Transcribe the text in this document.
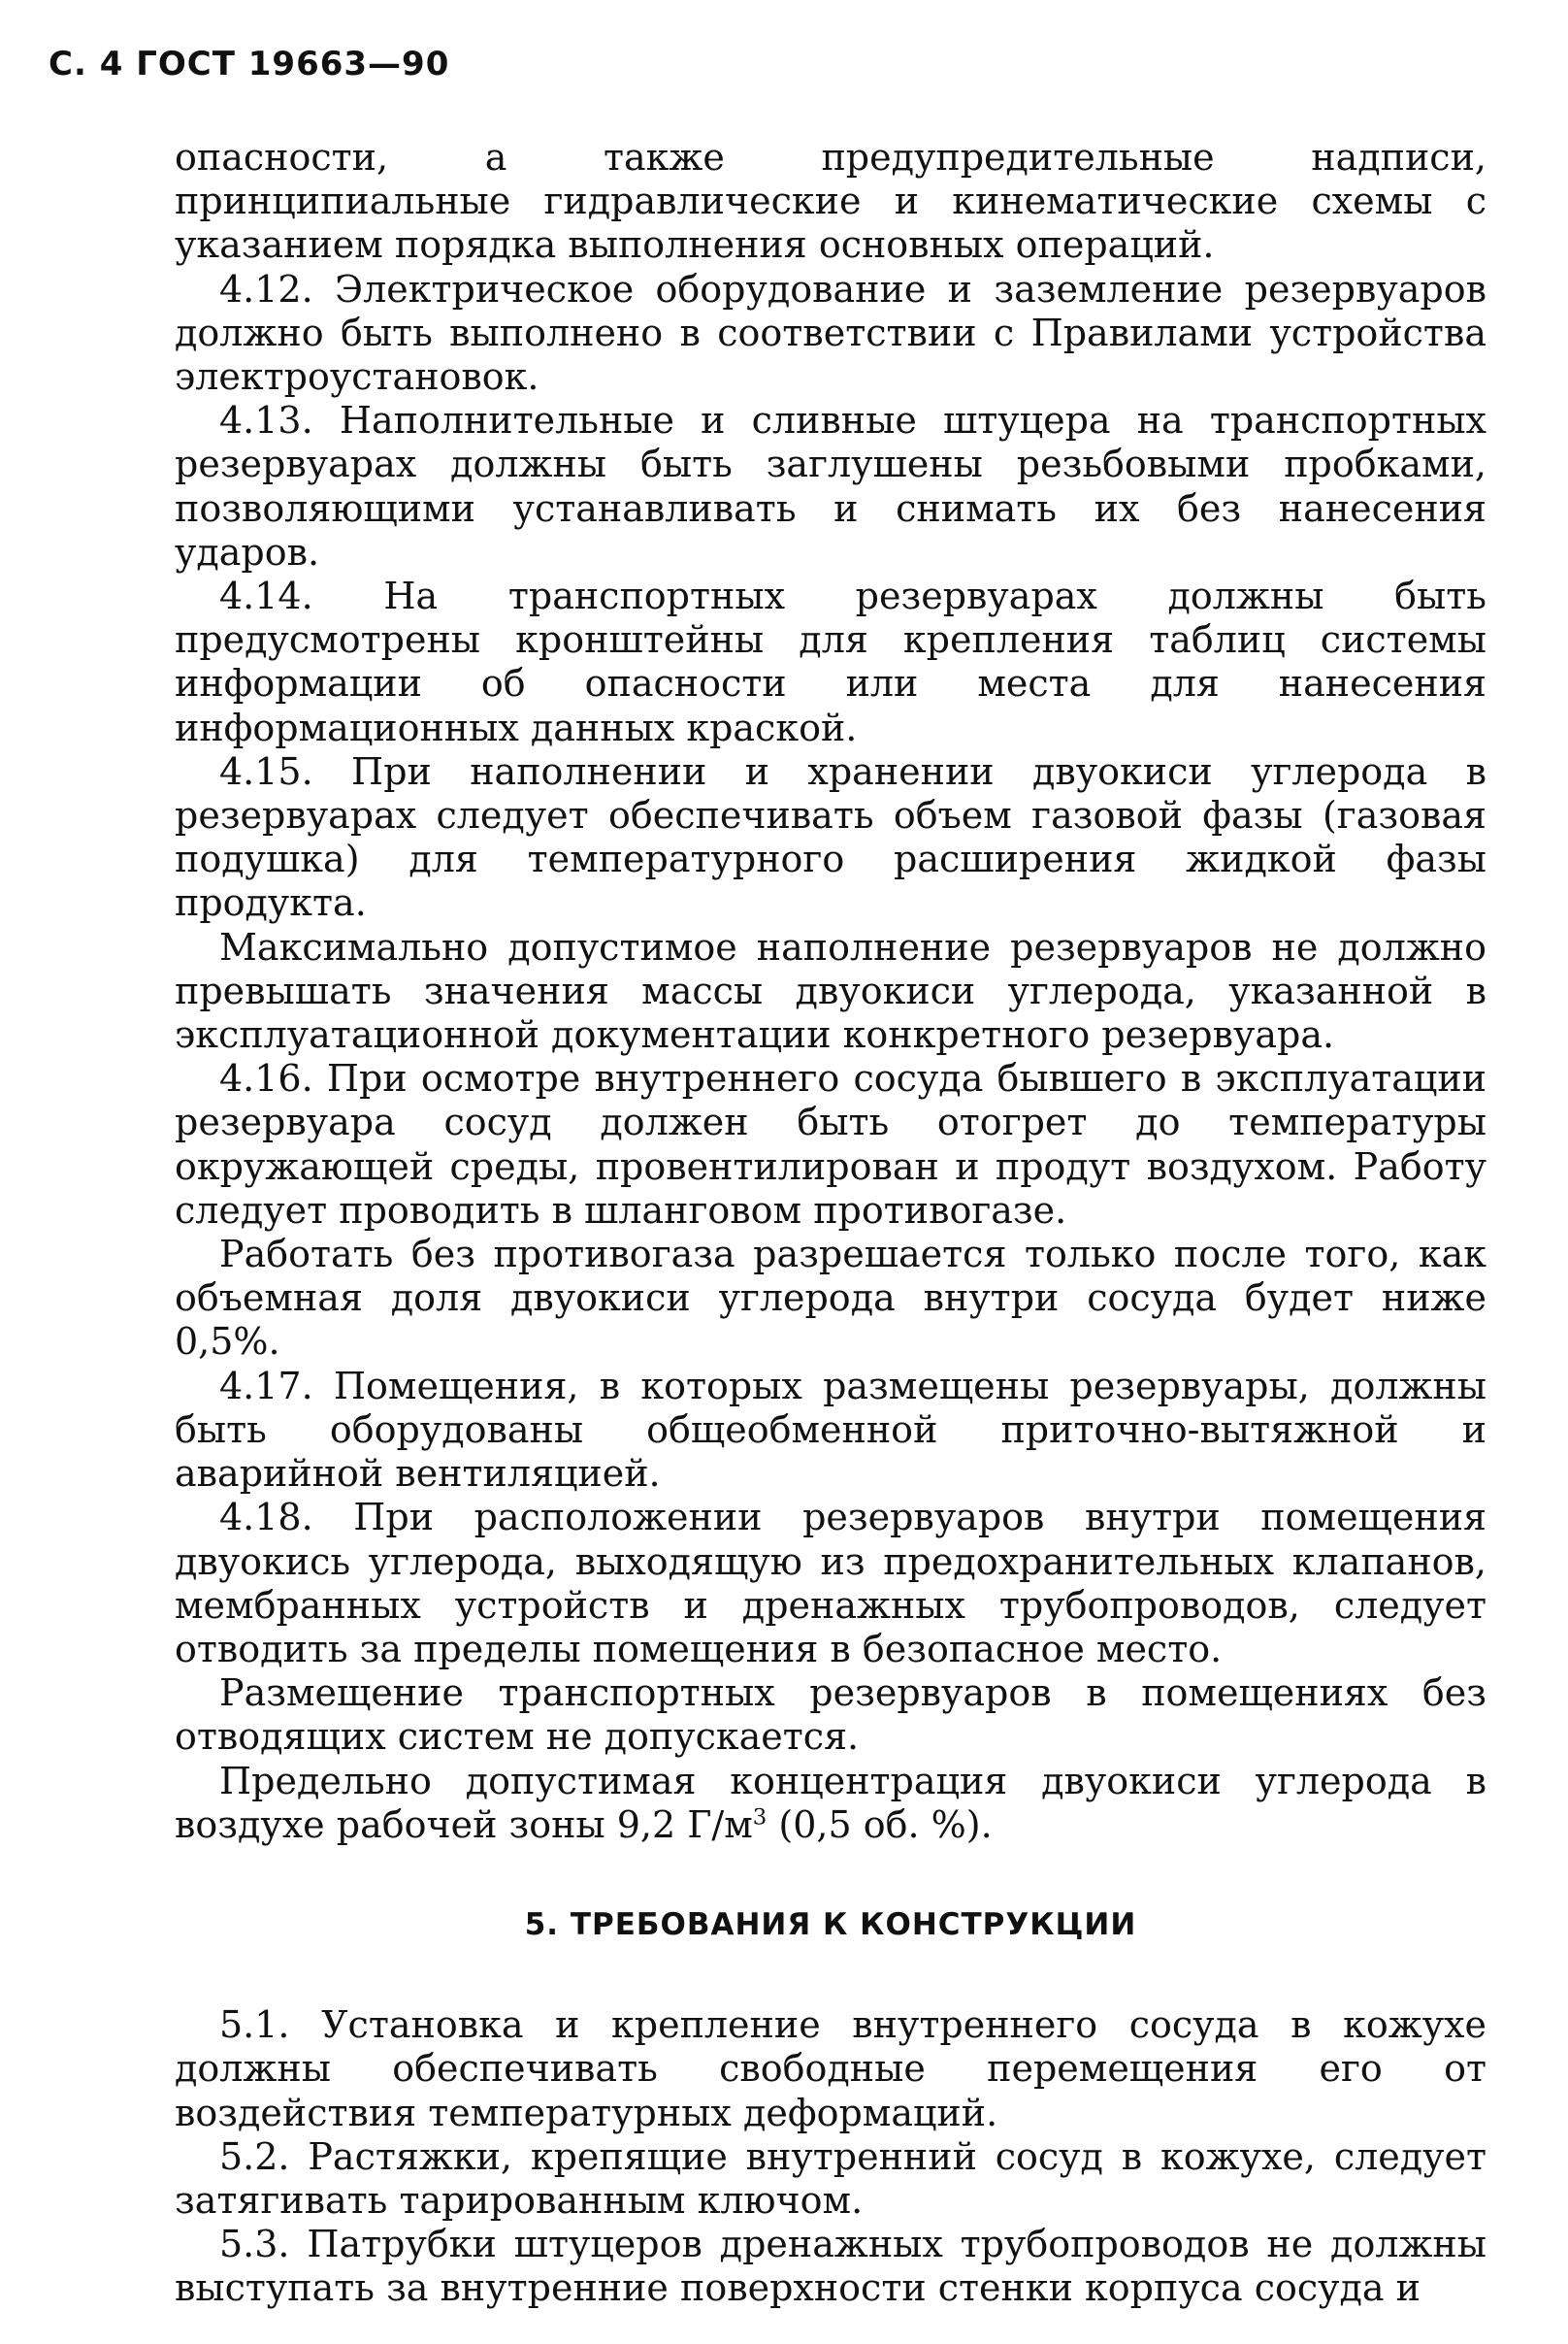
С. 4 ГОСТ 19663—90

опасности, а также предупредительные надписи, принципиальные гидравлические и кинематические схемы с указанием порядка выполнения основных операций.

4.12. Электрическое оборудование и заземление резервуаров должно быть выполнено в соответствии с Правилами устройства электроустановок.

4.13. Наполнительные и сливные штуцера на транспортных резервуарах должны быть заглушены резьбовыми пробками, позволяющими устанавливать и снимать их без нанесения ударов.

4.14. На транспортных резервуарах должны быть предусмотрены кронштейны для крепления таблиц системы информации об опасности или места для нанесения информационных данных краской.

4.15. При наполнении и хранении двуокиси углерода в резервуарах следует обеспечивать объем газовой фазы (газовая подушка) для температурного расширения жидкой фазы продукта.

Максимально допустимое наполнение резервуаров не должно превышать значения массы двуокиси углерода, указанной в эксплуатационной документации конкретного резервуара.

4.16. При осмотре внутреннего сосуда бывшего в эксплуатации резервуара сосуд должен быть отогрет до температуры окружающей среды, провентилирован и продут воздухом. Работу следует проводить в шланговом противогазе.

Работать без противогаза разрешается только после того, как объемная доля двуокиси углерода внутри сосуда будет ниже 0,5%.

4.17. Помещения, в которых размещены резервуары, должны быть оборудованы общеобменной приточно-вытяжной и аварийной вентиляцией.

4.18. При расположении резервуаров внутри помещения двуокись углерода, выходящую из предохранительных клапанов, мембранных устройств и дренажных трубопроводов, следует отводить за пределы помещения в безопасное место.

Размещение транспортных резервуаров в помещениях без отводящих систем не допускается.

Предельно допустимая концентрация двуокиси углерода в воздухе рабочей зоны 9,2 $Г/м^3$ (0,5 об. %).

5. ТРЕБОВАНИЯ К КОНСТРУКЦИИ

5.1. Установка и крепление внутреннего сосуда в кожухе должны обеспечивать свободные перемещения его от воздействия температурных деформаций.

5.2. Растяжки, крепящие внутренний сосуд в кожухе, следует затягивать тарированным ключом.

5.3. Патрубки штуцеров дренажных трубопроводов не должны выступать за внутренние поверхности стенки корпуса сосуда и
